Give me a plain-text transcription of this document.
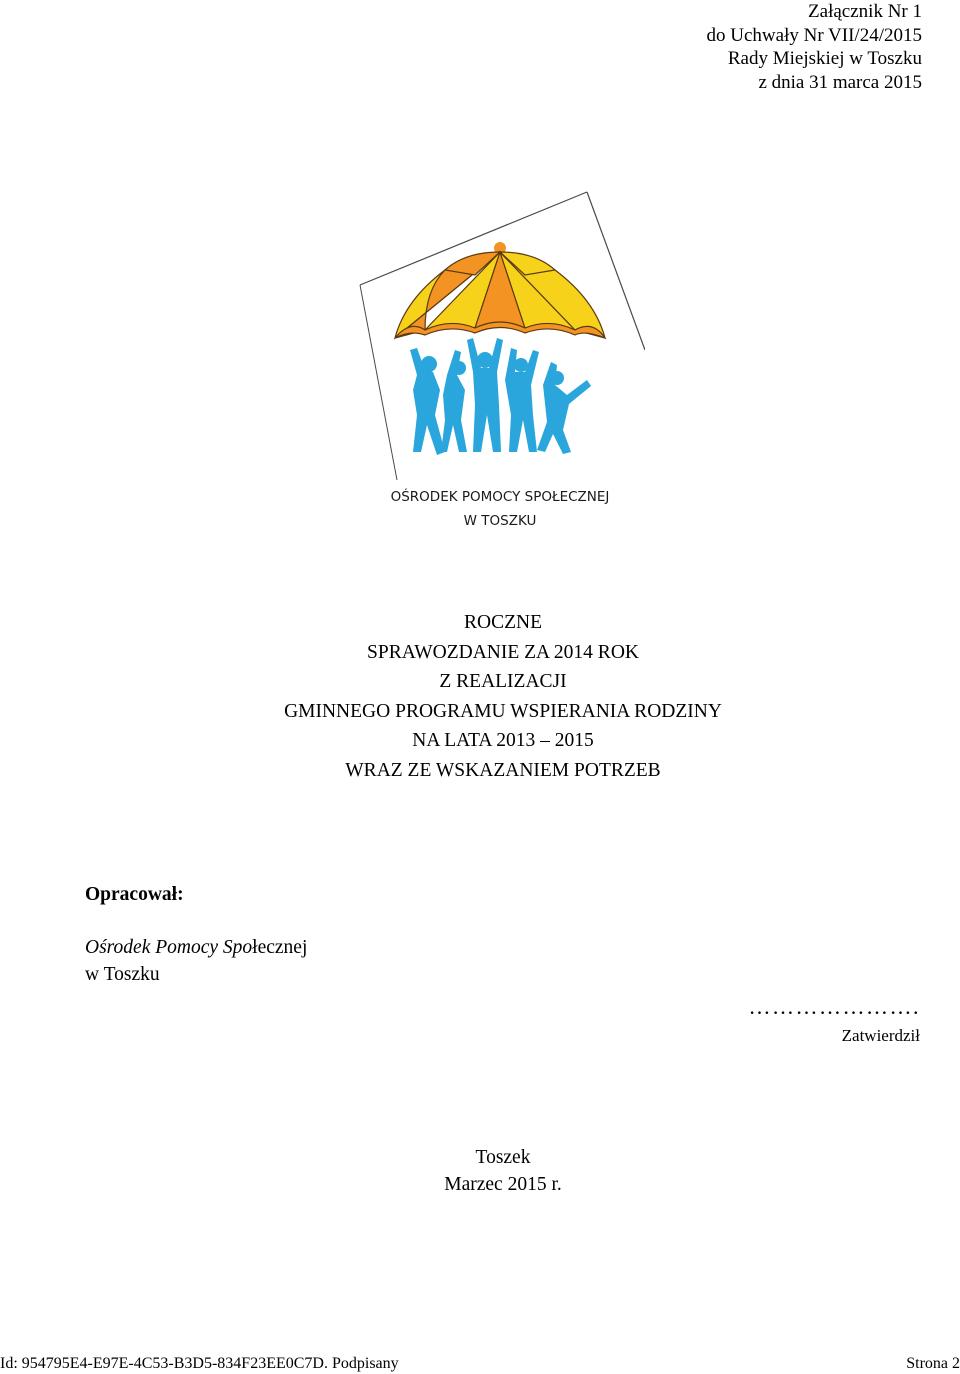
Załącznik Nr 1
do Uchwały Nr VII/24/2015
Rady Miejskiej w Toszku
z dnia 31 marca 2015
OŚRODEK POMOCY SPOŁECZNEJ
W TOSZKU
ROCZNE
SPRAWOZDANIE ZA 2014 ROK
Z REALIZACJI
GMINNEGO PROGRAMU WSPIERANIA RODZINY
NA LATA 2013 – 2015
WRAZ ZE WSKAZANIEM POTRZEB
Opracował:
Ośrodek Pomocy Społecznej
w Toszku
………………….
Zatwierdził
Toszek
Marzec 2015 r.
Id: 954795E4-E97E-4C53-B3D5-834F23EE0C7D. Podpisany	Strona 2
